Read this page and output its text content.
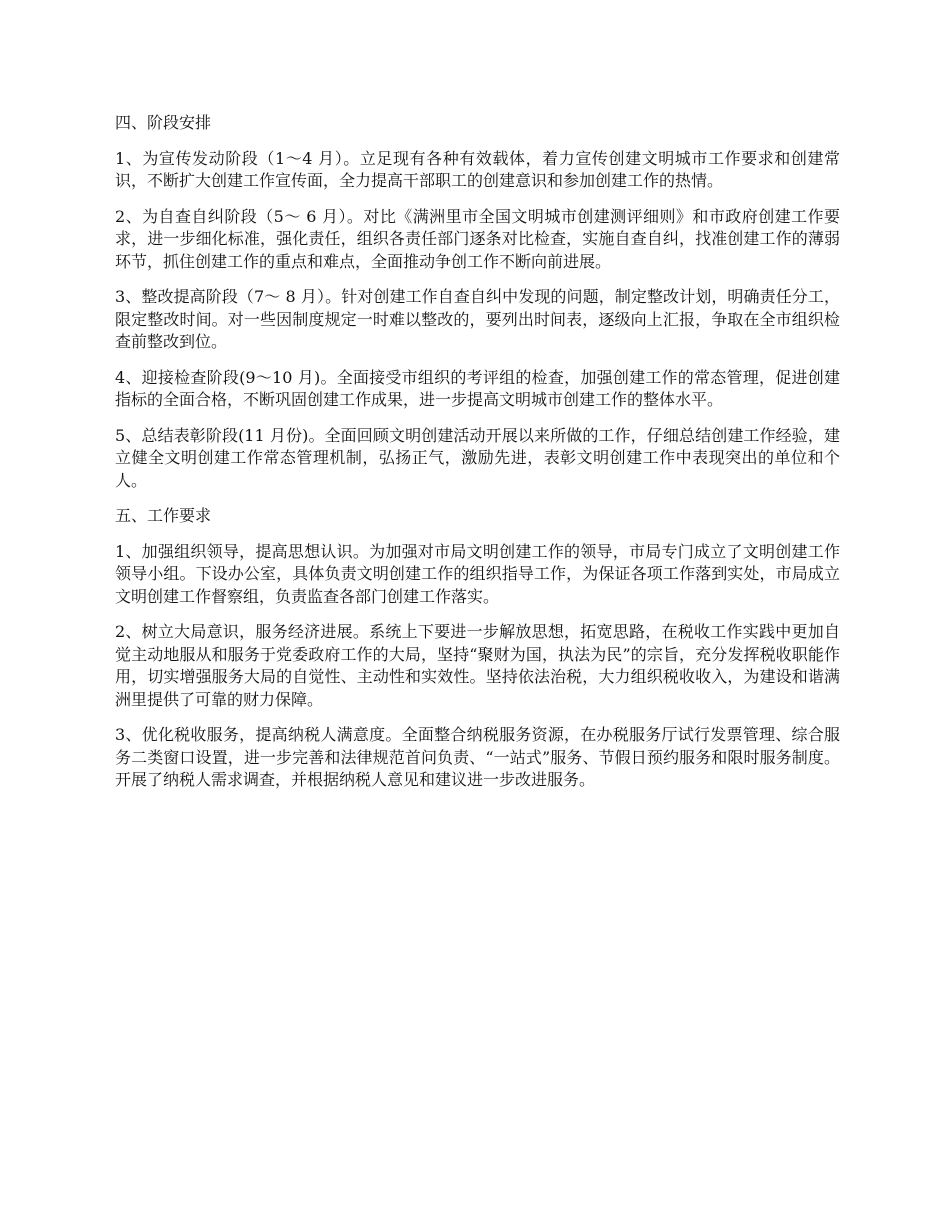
四、阶段安排
1、为宣传发动阶段（1～4 月）。立足现有各种有效载体，着力宣传创建文明城市工作要求和创建常识，不断扩大创建工作宣传面，全力提高干部职工的创建意识和参加创建工作的热情。
2、为自查自纠阶段（5～ 6 月）。对比《满洲里市全国文明城市创建测评细则》和市政府创建工作要求，进一步细化标准，强化责任，组织各责任部门逐条对比检查，实施自查自纠，找准创建工作的薄弱环节，抓住创建工作的重点和难点，全面推动争创工作不断向前进展。
3、整改提高阶段（7～ 8 月）。针对创建工作自查自纠中发现的问题，制定整改计划，明确责任分工，限定整改时间。对一些因制度规定一时难以整改的，要列出时间表，逐级向上汇报，争取在全市组织检查前整改到位。
4、迎接检查阶段(9～10 月)。全面接受市组织的考评组的检查，加强创建工作的常态管理，促进创建指标的全面合格，不断巩固创建工作成果，进一步提高文明城市创建工作的整体水平。
5、总结表彰阶段(11 月份)。全面回顾文明创建活动开展以来所做的工作，仔细总结创建工作经验，建立健全文明创建工作常态管理机制，弘扬正气，激励先进，表彰文明创建工作中表现突出的单位和个人。
五、工作要求
1、加强组织领导，提高思想认识。为加强对市局文明创建工作的领导，市局专门成立了文明创建工作领导小组。下设办公室，具体负责文明创建工作的组织指导工作，为保证各项工作落到实处，市局成立文明创建工作督察组，负责监查各部门创建工作落实。
2、树立大局意识，服务经济进展。系统上下要进一步解放思想，拓宽思路，在税收工作实践中更加自觉主动地服从和服务于党委政府工作的大局，坚持“聚财为国，执法为民”的宗旨，充分发挥税收职能作用，切实增强服务大局的自觉性、主动性和实效性。坚持依法治税，大力组织税收收入，为建设和谐满洲里提供了可靠的财力保障。
3、优化税收服务，提高纳税人满意度。全面整合纳税服务资源，在办税服务厅试行发票管理、综合服务二类窗口设置，进一步完善和法律规范首问负责、“一站式”服务、节假日预约服务和限时服务制度。开展了纳税人需求调查，并根据纳税人意见和建议进一步改进服务。
